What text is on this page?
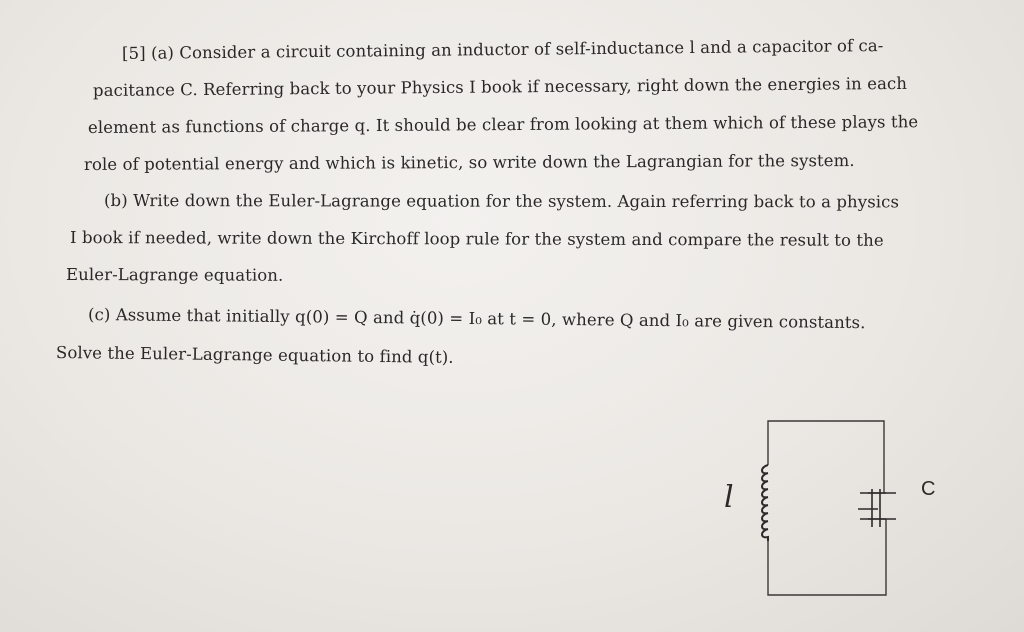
[5] (a) Consider a circuit containing an inductor of self-inductance l and a capacitor of ca-
pacitance C. Referring back to your Physics I book if necessary, right down the energies in each
element as functions of charge q. It should be clear from looking at them which of these plays the
role of potential energy and which is kinetic, so write down the Lagrangian for the system.
(b) Write down the Euler-Lagrange equation for the system. Again referring back to a physics
I book if needed, write down the Kirchoff loop rule for the system and compare the result to the
Euler-Lagrange equation.
(c) Assume that initially q(0) = Q and q̇(0) = I₀ at t = 0, where Q and I₀ are given constants.
Solve the Euler-Lagrange equation to find q(t).
l	C
